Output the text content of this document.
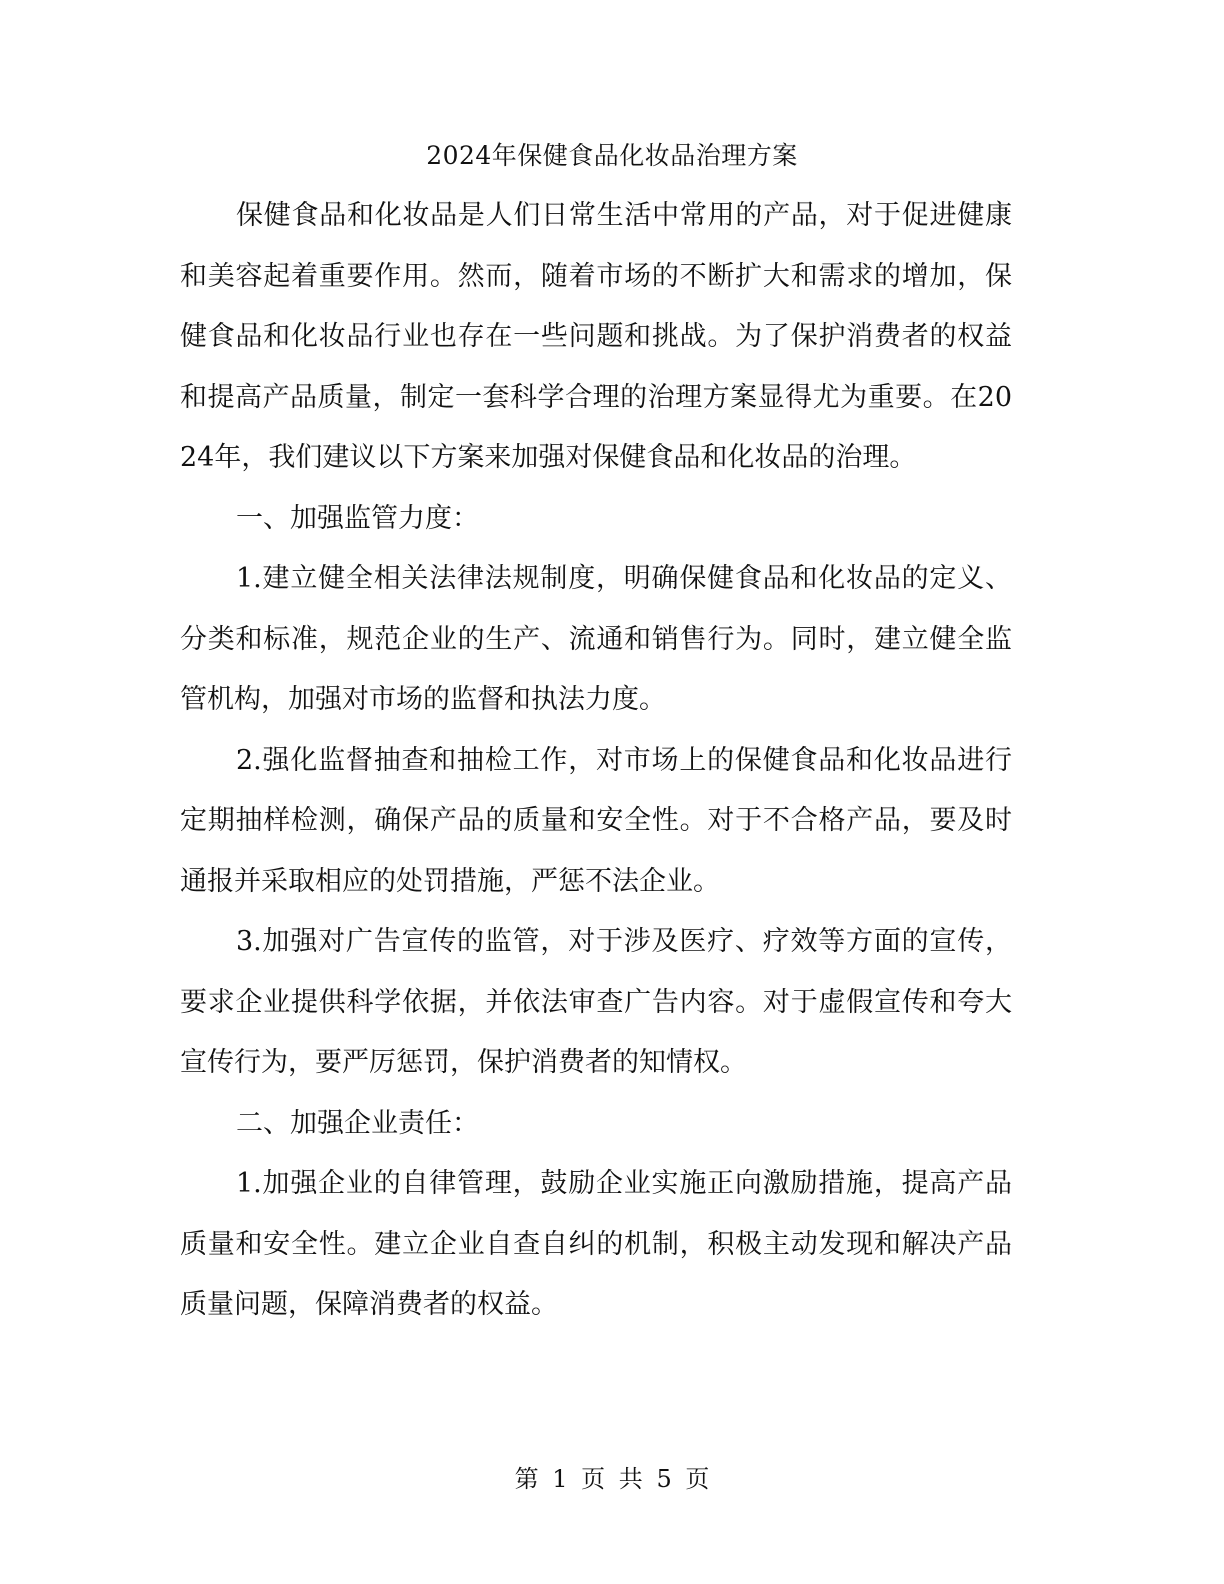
2024年保健食品化妆品治理方案

保健食品和化妆品是人们日常生活中常用的产品，对于促进健康和美容起着重要作用。然而，随着市场的不断扩大和需求的增加，保健食品和化妆品行业也存在一些问题和挑战。为了保护消费者的权益和提高产品质量，制定一套科学合理的治理方案显得尤为重要。在2024年，我们建议以下方案来加强对保健食品和化妆品的治理。

一、加强监管力度：

1.建立健全相关法律法规制度，明确保健食品和化妆品的定义、分类和标准，规范企业的生产、流通和销售行为。同时，建立健全监管机构，加强对市场的监督和执法力度。

2.强化监督抽查和抽检工作，对市场上的保健食品和化妆品进行定期抽样检测，确保产品的质量和安全性。对于不合格产品，要及时通报并采取相应的处罚措施，严惩不法企业。

3.加强对广告宣传的监管，对于涉及医疗、疗效等方面的宣传，要求企业提供科学依据，并依法审查广告内容。对于虚假宣传和夸大宣传行为，要严厉惩罚，保护消费者的知情权。

二、加强企业责任：

1.加强企业的自律管理，鼓励企业实施正向激励措施，提高产品质量和安全性。建立企业自查自纠的机制，积极主动发现和解决产品质量问题，保障消费者的权益。

第 1 页 共 5 页
